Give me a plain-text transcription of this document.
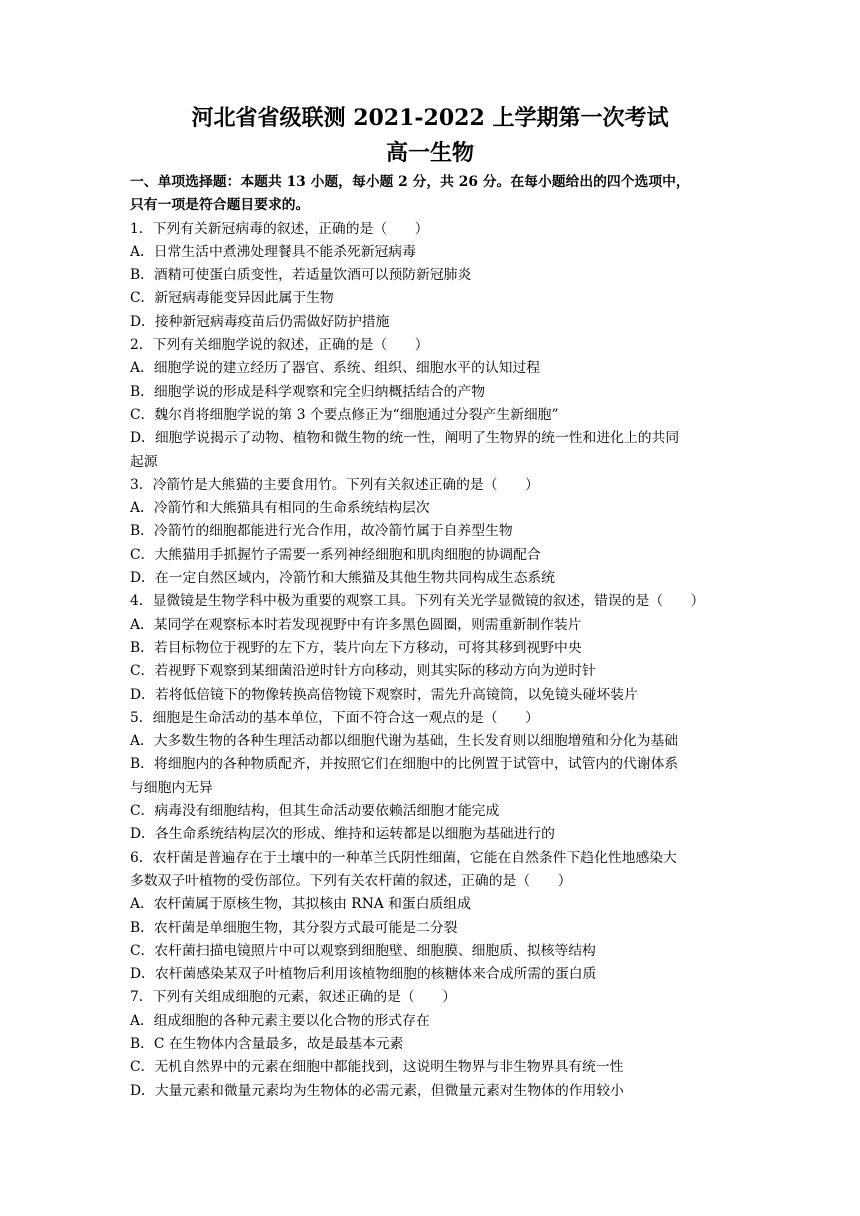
河北省省级联测 2021-2022 上学期第一次考试
高一生物

一、单项选择题：本题共 13 小题，每小题 2 分，共 26 分。在每小题给出的四个选项中，

只有一项是符合题目要求的。

1．下列有关新冠病毒的叙述，正确的是（　　）

A．日常生活中煮沸处理餐具不能杀死新冠病毒

B．酒精可使蛋白质变性，若适量饮酒可以预防新冠肺炎

C．新冠病毒能变异因此属于生物

D．接种新冠病毒疫苗后仍需做好防护措施

2．下列有关细胞学说的叙述，正确的是（　　）

A．细胞学说的建立经历了器官、系统、组织、细胞水平的认知过程

B．细胞学说的形成是科学观察和完全归纳概括结合的产物

C．魏尔肖将细胞学说的第 3 个要点修正为“细胞通过分裂产生新细胞”

D．细胞学说揭示了动物、植物和微生物的统一性，阐明了生物界的统一性和进化上的共同

起源

3．冷箭竹是大熊猫的主要食用竹。下列有关叙述正确的是（　　）

A．冷箭竹和大熊猫具有相同的生命系统结构层次

B．冷箭竹的细胞都能进行光合作用，故冷箭竹属于自养型生物

C．大熊猫用手抓握竹子需要一系列神经细胞和肌肉细胞的协调配合

D．在一定自然区域内，冷箭竹和大熊猫及其他生物共同构成生态系统

4．显微镜是生物学科中极为重要的观察工具。下列有关光学显微镜的叙述，错误的是（　　）

A．某同学在观察标本时若发现视野中有许多黑色圆圈，则需重新制作装片

B．若目标物位于视野的左下方，装片向左下方移动，可将其移到视野中央

C．若视野下观察到某细菌沿逆时针方向移动，则其实际的移动方向为逆时针

D．若将低倍镜下的物像转换高倍物镜下观察时，需先升高镜筒，以免镜头碰坏装片

5．细胞是生命活动的基本单位，下面不符合这一观点的是（　　）

A．大多数生物的各种生理活动都以细胞代谢为基础，生长发育则以细胞增殖和分化为基础

B．将细胞内的各种物质配齐，并按照它们在细胞中的比例置于试管中，试管内的代谢体系

与细胞内无异

C．病毒没有细胞结构，但其生命活动要依赖活细胞才能完成

D．各生命系统结构层次的形成、维持和运转都是以细胞为基础进行的

6．农杆菌是普遍存在于土壤中的一种革兰氏阴性细菌，它能在自然条件下趋化性地感染大

多数双子叶植物的受伤部位。下列有关农杆菌的叙述，正确的是（　　）

A．农杆菌属于原核生物，其拟核由 RNA 和蛋白质组成

B．农杆菌是单细胞生物，其分裂方式最可能是二分裂

C．农杆菌扫描电镜照片中可以观察到细胞壁、细胞膜、细胞质、拟核等结构

D．农杆菌感染某双子叶植物后利用该植物细胞的核糖体来合成所需的蛋白质

7．下列有关组成细胞的元素，叙述正确的是（　　）

A．组成细胞的各种元素主要以化合物的形式存在

B．C 在生物体内含量最多，故是最基本元素

C．无机自然界中的元素在细胞中都能找到，这说明生物界与非生物界具有统一性

D．大量元素和微量元素均为生物体的必需元素，但微量元素对生物体的作用较小
